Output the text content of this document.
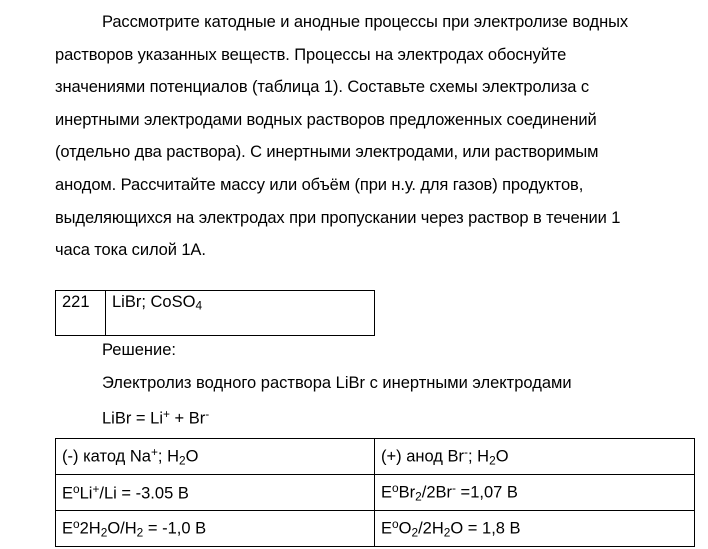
Рассмотрите катодные и анодные процессы при электролизе водных
растворов указанных веществ. Процессы на электродах обоснуйте
значениями потенциалов (таблица 1). Составьте схемы электролиза с
инертными электродами водных растворов предложенных соединений
(отдельно два раствора). С инертными электродами, или растворимым
анодом. Рассчитайте массу или объём (при н.у. для газов) продуктов,
выделяющихся на электродах при пропускании через раствор в течении 1
часа тока силой 1А.
221	LiBr; CoSO4
Решение:
Электролиз водного раствора LiBr с инертными электродами
LiBr = Li+ + Br-
(-) катод Na+; $H_2O$	(+) анод Br-; $H_2O$
$E^oLi^+/Li = -3.05$ В	$E^oBr_2/2Br^- =1,07$ В
$E^o2H_2O/H_2 = -1,0$ В	$E^oO_2/2H_2O = 1,8$ В
